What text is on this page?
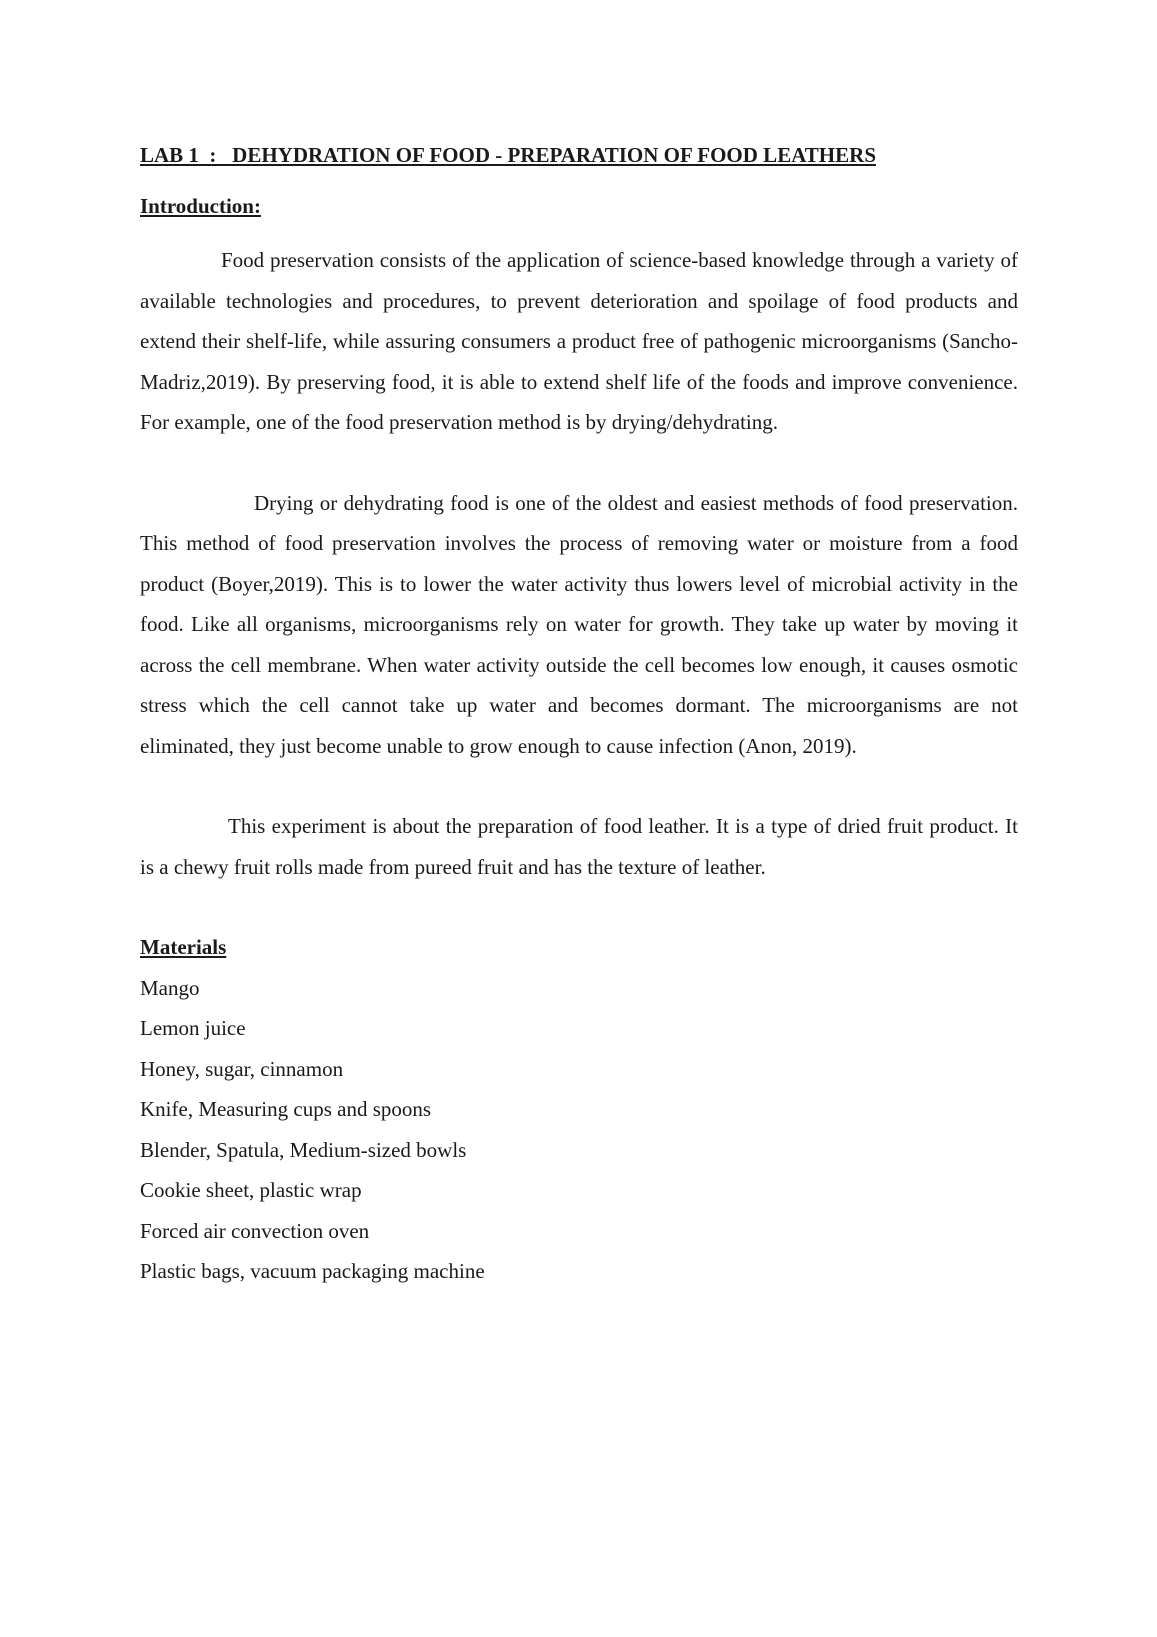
LAB 1  :   DEHYDRATION OF FOOD - PREPARATION OF FOOD LEATHERS
Introduction:

Food preservation consists of the application of science-based knowledge through a variety of available technologies and procedures, to prevent deterioration and spoilage of food products and extend their shelf-life, while assuring consumers a product free of pathogenic microorganisms (Sancho-Madriz,2019). By preserving food, it is able to extend shelf life of the foods and improve convenience. For example, one of the food preservation method is by drying/dehydrating.

Drying or dehydrating food is one of the oldest and easiest methods of food preservation. This method of food preservation involves the process of removing water or moisture from a food product (Boyer,2019). This is to lower the water activity thus lowers level of microbial activity in the food. Like all organisms, microorganisms rely on water for growth. They take up water by moving it across the cell membrane. When water activity outside the cell becomes low enough, it causes osmotic stress which the cell cannot take up water and becomes dormant. The microorganisms are not eliminated, they just become unable to grow enough to cause infection (Anon, 2019).

This experiment is about the preparation of food leather. It is a type of dried fruit product. It is a chewy fruit rolls made from pureed fruit and has the texture of leather.

Materials
Mango
Lemon juice
Honey, sugar, cinnamon
Knife, Measuring cups and spoons
Blender, Spatula, Medium-sized bowls
Cookie sheet, plastic wrap
Forced air convection oven
Plastic bags, vacuum packaging machine
